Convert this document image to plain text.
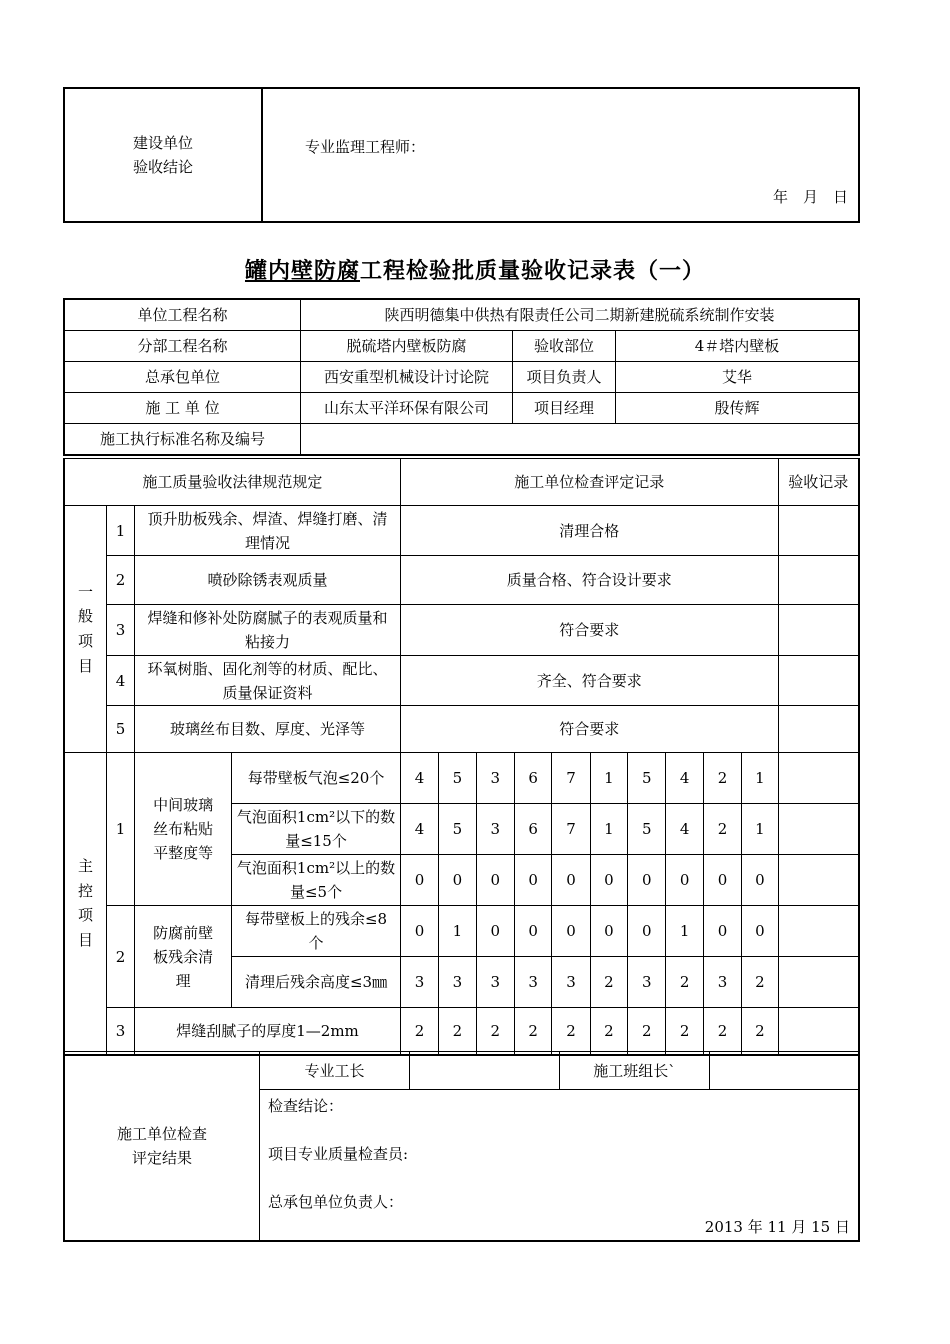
建设单位
验收结论

专业监理工程师：
年　月　日
罐内壁防腐工程检验批质量验收记录表（一）
单位工程名称	陕西明德集中供热有限责任公司二期新建脱硫系统制作安装		
分部工程名称	脱硫塔内壁板防腐	验收部位	4＃塔内壁板
总承包单位	西安重型机械设计讨论院	项目负责人	艾华
施 工 单 位	山东太平洋环保有限公司	项目经理	殷传辉
施工执行标准名称及编号			
施工质量验收法律规范规定				施工单位检查评定记录										验收记录

一
般
项
目	1	顶升肋板残余、焊渣、焊缝打磨、清理情况		清理合格										
	2	喷砂除锈表观质量		质量合格、符合设计要求										
	3	焊缝和修补处防腐腻子的表观质量和粘接力		符合要求										
	4	环氧树脂、固化剂等的材质、配比、质量保证资料		齐全、符合要求										
	5	玻璃丝布目数、厚度、光泽等		符合要求										

主
控
项
目	1	中间玻璃丝布粘贴平整度等	每带壁板气泡≤20个	4	5	3	6	7	1	5	4	2	1	
			气泡面积1cm²以下的数量≤15个	4	5	3	6	7	1	5	4	2	1	
			气泡面积1cm²以上的数量≤5个	0	0	0	0	0	0	0	0	0	0	
	2	防腐前壁板残余清理	每带壁板上的残余≤8个	0	1	0	0	0	0	0	1	0	0	
			清理后残余高度≤3㎜	3	3	3	3	3	2	3	2	3	2	
	3	焊缝刮腻子的厚度1—2mm		2	2	2	2	2	2	2	2	2	2	
施工单位检查
评定结果
	专业工长		施工班组长`	

检查结论：
项目专业质量检查员:
总承包单位负责人：
2013 年 11 月 15 日
